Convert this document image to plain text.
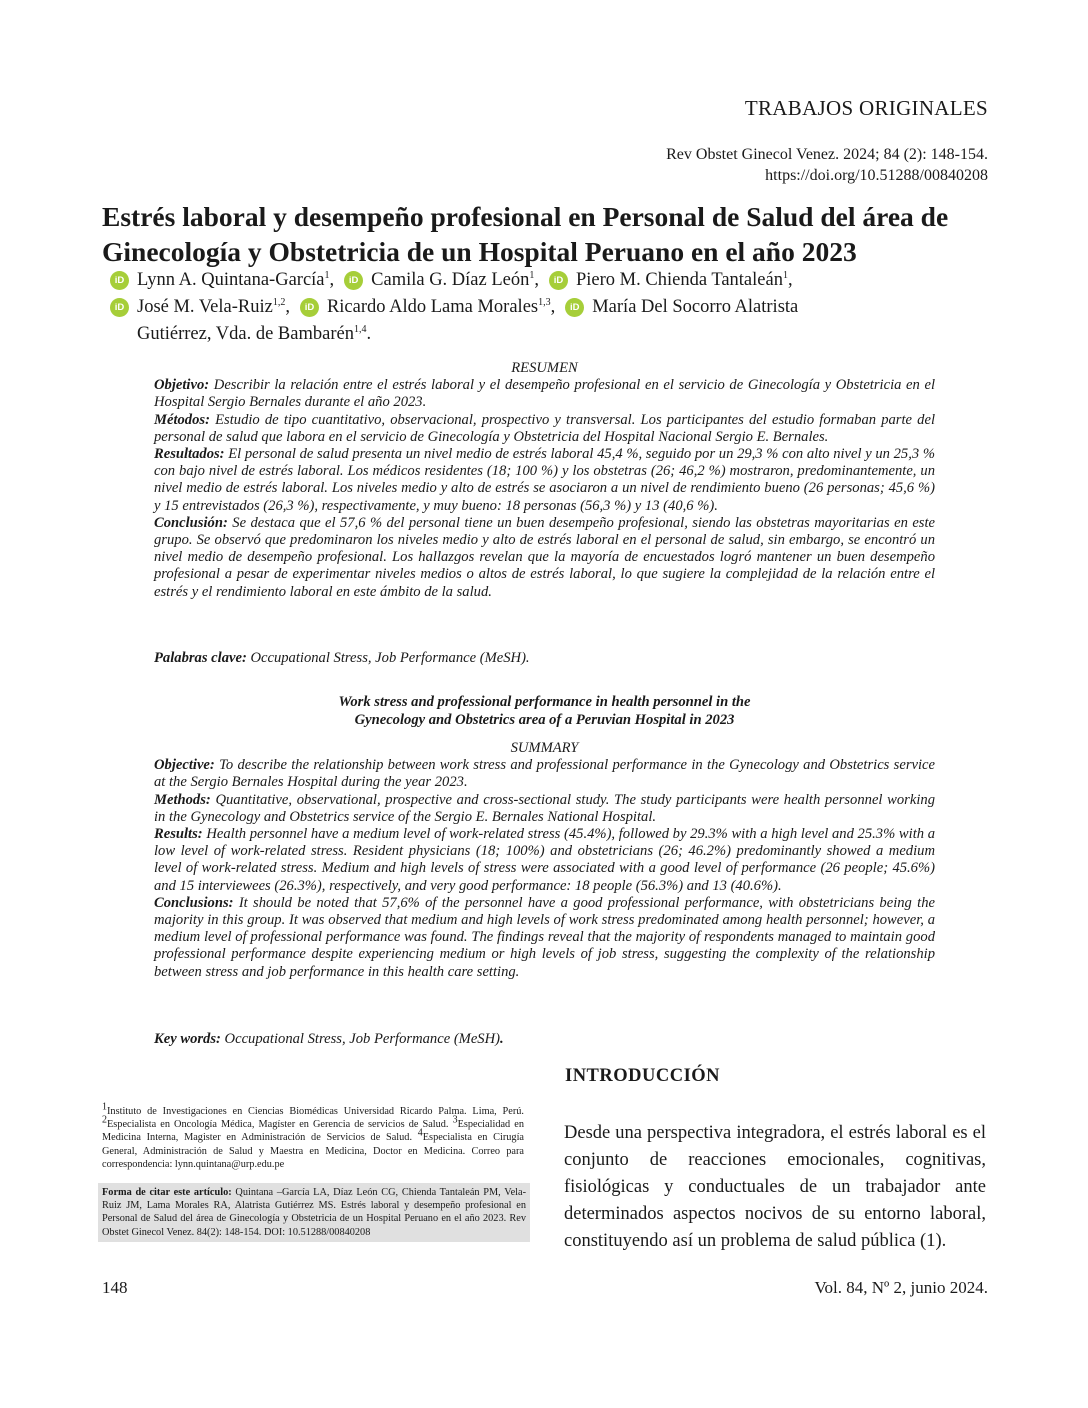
TRABAJOS ORIGINALES
Rev Obstet Ginecol Venez. 2024; 84 (2): 148-154.
https://doi.org/10.51288/00840208
Estrés laboral y desempeño profesional en Personal de Salud del área de
Ginecología y Obstetricia de un Hospital Peruano en el año 2023
iD Lynn A. Quintana-García$^1$,	iD Camila G. Díaz León$^1$,	iD Piero M. Chienda Tantaleán$^1$,
iD José M. Vela-Ruiz$^{1,2}$,	iD Ricardo Aldo Lama Morales$^{1,3}$,	iD María Del Socorro Alatrista
Gutiérrez, Vda. de Bambarén$^{1,4}$.

RESUMEN

Objetivo: Describir la relación entre el estrés laboral y el desempeño profesional en el servicio de Ginecología y Obstetricia en el Hospital Sergio Bernales durante el año 2023.

Métodos: Estudio de tipo cuantitativo, observacional, prospectivo y transversal. Los participantes del estudio formaban parte del personal de salud que labora en el servicio de Ginecología y Obstetricia del Hospital Nacional Sergio E. Bernales.

Resultados: El personal de salud presenta un nivel medio de estrés laboral 45,4 %, seguido por un 29,3 % con alto nivel y un 25,3 % con bajo nivel de estrés laboral. Los médicos residentes (18; 100 %) y los obstetras (26; 46,2 %) mostraron, predominantemente, un nivel medio de estrés laboral. Los niveles medio y alto de estrés se asociaron a un nivel de rendimiento bueno (26 personas; 45,6 %) y 15 entrevistados (26,3 %), respectivamente, y muy bueno: 18 personas (56,3 %) y 13 (40,6 %).

Conclusión: Se destaca que el 57,6 % del personal tiene un buen desempeño profesional, siendo las obstetras mayoritarias en este grupo. Se observó que predominaron los niveles medio y alto de estrés laboral en el personal de salud, sin embargo, se encontró un nivel medio de desempeño profesional. Los hallazgos revelan que la mayoría de encuestados logró mantener un buen desempeño profesional a pesar de experimentar niveles medios o altos de estrés laboral, lo que sugiere la complejidad de la relación entre el estrés y el rendimiento laboral en este ámbito de la salud.

Palabras clave: Occupational Stress, Job Performance (MeSH).

Work stress and professional performance in health personnel in the
Gynecology and Obstetrics area of a Peruvian Hospital in 2023

SUMMARY

Objective: To describe the relationship between work stress and professional performance in the Gynecology and Obstetrics service at the Sergio Bernales Hospital during the year 2023.

Methods: Quantitative, observational, prospective and cross-sectional study. The study participants were health personnel working in the Gynecology and Obstetrics service of the Sergio E. Bernales National Hospital.

Results: Health personnel have a medium level of work-related stress (45.4%), followed by 29.3% with a high level and 25.3% with a low level of work-related stress. Resident physicians (18; 100%) and obstetricians (26; 46.2%) predominantly showed a medium level of work-related stress. Medium and high levels of stress were associated with a good level of performance (26 people; 45.6%) and 15 interviewees (26.3%), respectively, and very good performance: 18 people (56.3%) and 13 (40.6%).

Conclusions: It should be noted that 57,6% of the personnel have a good professional performance, with obstetricians being the majority in this group. It was observed that medium and high levels of work stress predominated among health personnel; however, a medium level of professional performance was found. The findings reveal that the majority of respondents managed to maintain good professional performance despite experiencing medium or high levels of job stress, suggesting the complexity of the relationship between stress and job performance in this health care setting.

Key words: Occupational Stress, Job Performance (MeSH).

INTRODUCCIÓN

Desde una perspectiva integradora, el estrés laboral es el conjunto de reacciones emocionales, cognitivas, fisiológicas y conductuales de un trabajador ante determinados aspectos nocivos de su entorno laboral, constituyendo así un problema de salud pública (1).

$^1$Instituto de Investigaciones en Ciencias Biomédicas Universidad Ricardo Palma. Lima, Perú. $^2$Especialista en Oncología Médica, Magíster en Gerencia de servicios de Salud. $^3$Especialidad en Medicina Interna, Magister en Administración de Servicios de Salud. $^4$Especialista en Cirugía General, Administración de Salud y Maestra en Medicina, Doctor en Medicina. Correo para correspondencia: lynn.quintana@urp.edu.pe
Forma de citar este artículo: Quintana –García LA, Díaz León CG, Chienda Tantaleán PM, Vela-Ruiz JM, Lama Morales RA, Alatrista Gutiérrez MS. Estrés laboral y desempeño profesional en Personal de Salud del área de Ginecología y Obstetricia de un Hospital Peruano en el año 2023. Rev Obstet Ginecol Venez. 84(2): 148-154. DOI: 10.51288/00840208
148	Vol. 84, Nº 2, junio 2024.
